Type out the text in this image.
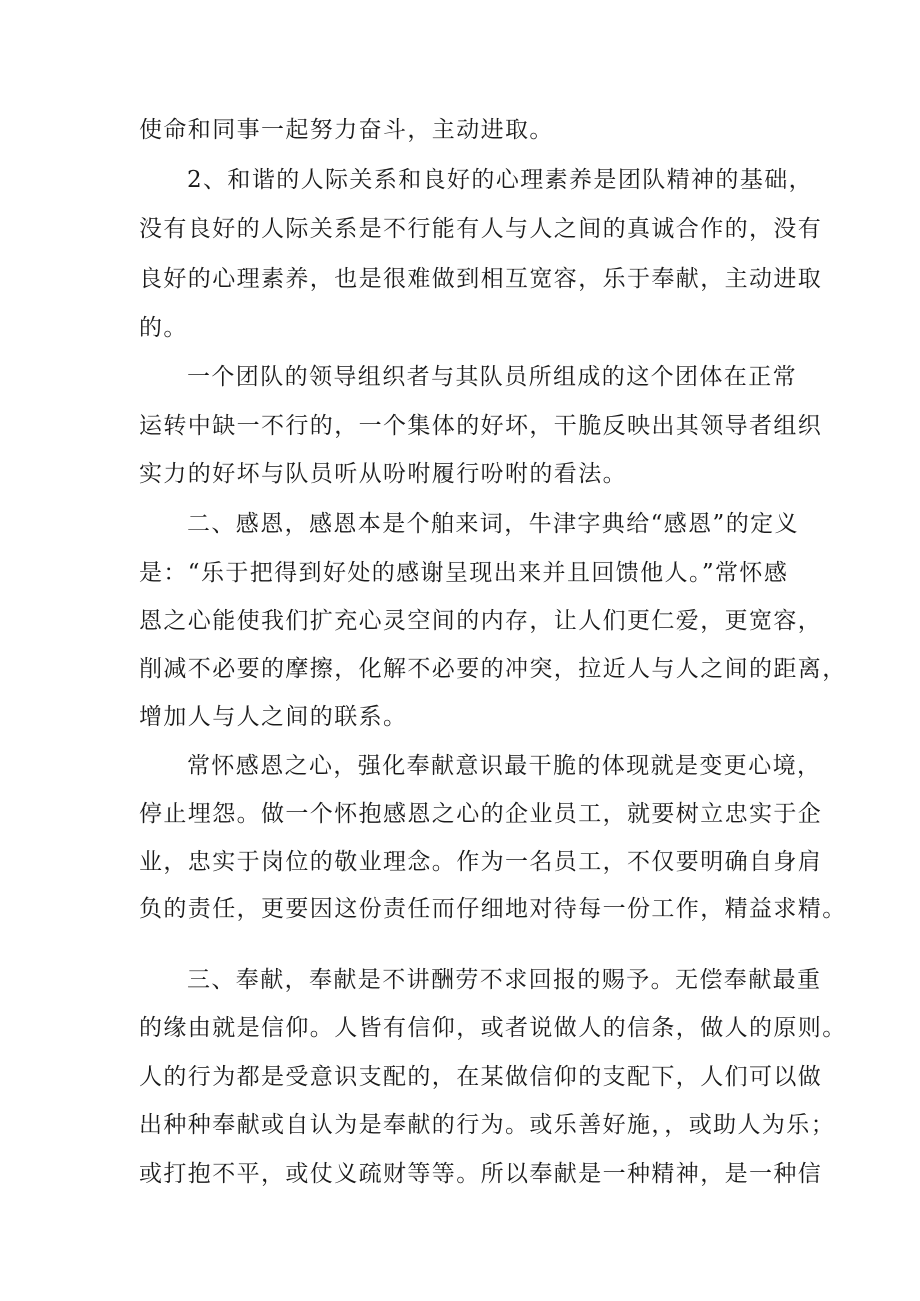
使命和同事一起努力奋斗，主动进取。
2、和谐的人际关系和良好的心理素养是团队精神的基础，
没有良好的人际关系是不行能有人与人之间的真诚合作的，没有
良好的心理素养，也是很难做到相互宽容，乐于奉献，主动进取
的。
一个团队的领导组织者与其队员所组成的这个团体在正常
运转中缺一不行的，一个集体的好坏，干脆反映出其领导者组织
实力的好坏与队员听从吩咐履行吩咐的看法。
二、感恩，感恩本是个舶来词，牛津字典给“感恩”的定义
是：“乐于把得到好处的感谢呈现出来并且回馈他人。”常怀感
恩之心能使我们扩充心灵空间的内存，让人们更仁爱，更宽容，
削减不必要的摩擦，化解不必要的冲突，拉近人与人之间的距离，
增加人与人之间的联系。
常怀感恩之心，强化奉献意识最干脆的体现就是变更心境，
停止埋怨。做一个怀抱感恩之心的企业员工，就要树立忠实于企
业，忠实于岗位的敬业理念。作为一名员工，不仅要明确自身肩
负的责任，更要因这份责任而仔细地对待每一份工作，精益求精。
三、奉献，奉献是不讲酬劳不求回报的赐予。无偿奉献最重
的缘由就是信仰。人皆有信仰，或者说做人的信条，做人的原则。
人的行为都是受意识支配的，在某做信仰的支配下，人们可以做
出种种奉献或自认为是奉献的行为。或乐善好施，，或助人为乐；
或打抱不平，或仗义疏财等等。所以奉献是一种精神，是一种信
